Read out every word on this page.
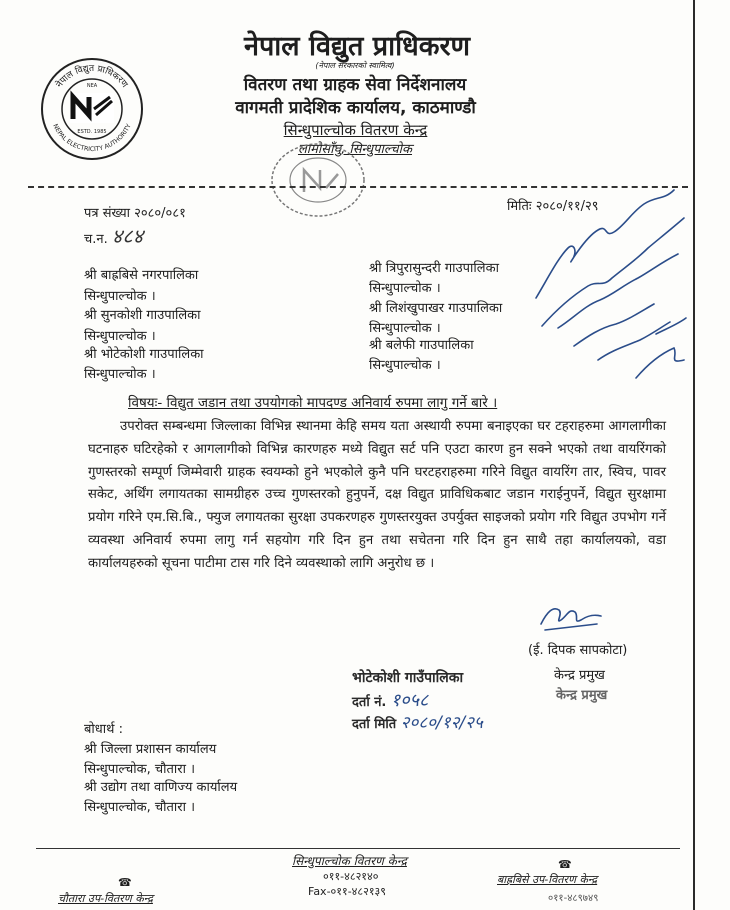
नेपाल विद्युत प्राधिकरण
NEPAL ELECTRICITY AUTHORITY
ESTD. 1985
NEA
नेपाल विद्युत प्राधिकरण
(नेपाल सरकारको स्वामित्व)
वितरण तथा ग्राहक सेवा निर्देशनालय
वागमती प्रादेशिक कार्यालय, काठमाण्डौ
सिन्धुपाल्चोक वितरण केन्द्र
लामोसाँघु, सिन्धुपाल्चोक
पत्र संख्या २०८०/०८१
च.न. ४८४
मितिः २०८०/११/२९
श्री बाह्रबिसे नगरपालिका
सिन्धुपाल्चोक ।
श्री सुनकोशी गाउपालिका
सिन्धुपाल्चोक ।
श्री भोटेकोशी गाउपालिका
सिन्धुपाल्चोक ।
श्री त्रिपुरासुन्दरी गाउपालिका
सिन्धुपाल्चोक ।
श्री लिशंखुपाखर गाउपालिका
सिन्धुपाल्चोक ।
श्री बलेफी गाउपालिका
सिन्धुपाल्चोक ।
विषयः- विद्युत जडान तथा उपयोगको मापदण्ड अनिवार्य रुपमा लागु गर्ने बारे ।
उपरोक्त सम्बन्धमा जिल्लाका विभिन्न स्थानमा केहि समय यता अस्थायी रुपमा बनाइएका घर टहराहरुमा आगलागीका घटनाहरु घटिरहेको र आगलागीको विभिन्न कारणहरु मध्ये विद्युत सर्ट पनि एउटा कारण हुन सक्ने भएको तथा वायरिंगको गुणस्तरको सम्पूर्ण जिम्मेवारी ग्राहक स्वयम्को हुने भएकोले कुनै पनि घरटहराहरुमा गरिने विद्युत वायरिंग तार, स्विच, पावर सकेट, अर्थिंग लगायतका सामग्रीहरु उच्च गुणस्तरको हुनुपर्ने, दक्ष विद्युत प्राविधिकबाट जडान गराईनुपर्ने, विद्युत सुरक्षामा प्रयोग गरिने एम.सि.बि., फ्युज लगायतका सुरक्षा उपकरणहरु गुणस्तरयुक्त उपर्युक्त साइजको प्रयोग गरि विद्युत उपभोग गर्ने व्यवस्था अनिवार्य रुपमा लागु गर्न सहयोग गरि दिन हुन तथा सचेतना गरि दिन हुन साथै तहा कार्यालयको, वडा कार्यालयहरुको सूचना पाटीमा टास गरि दिने व्यवस्थाको लागि अनुरोध छ ।
(ई. दिपक सापकोटा)
केन्द्र प्रमुख
केन्द्र प्रमुख
भोटेकोशी गाउँपालिका
दर्ता नं. १०५८
दर्ता मिति २०८०/१२/२५
बोधार्थ :
श्री जिल्ला प्रशासन कार्यालय
सिन्धुपाल्चोक, चौतारा ।
श्री उद्योग तथा वाणिज्य कार्यालय
सिन्धुपाल्चोक, चौतारा ।
सिन्धुपाल्चोक वितरण केन्द्र
०११-४८२१४०
Fax-०११-४८२१३९
☎
चौतारा उप-वितरण केन्द्र
☎
बाह्रबिसे उप-वितरण केन्द्र
०११-४८९७४९
